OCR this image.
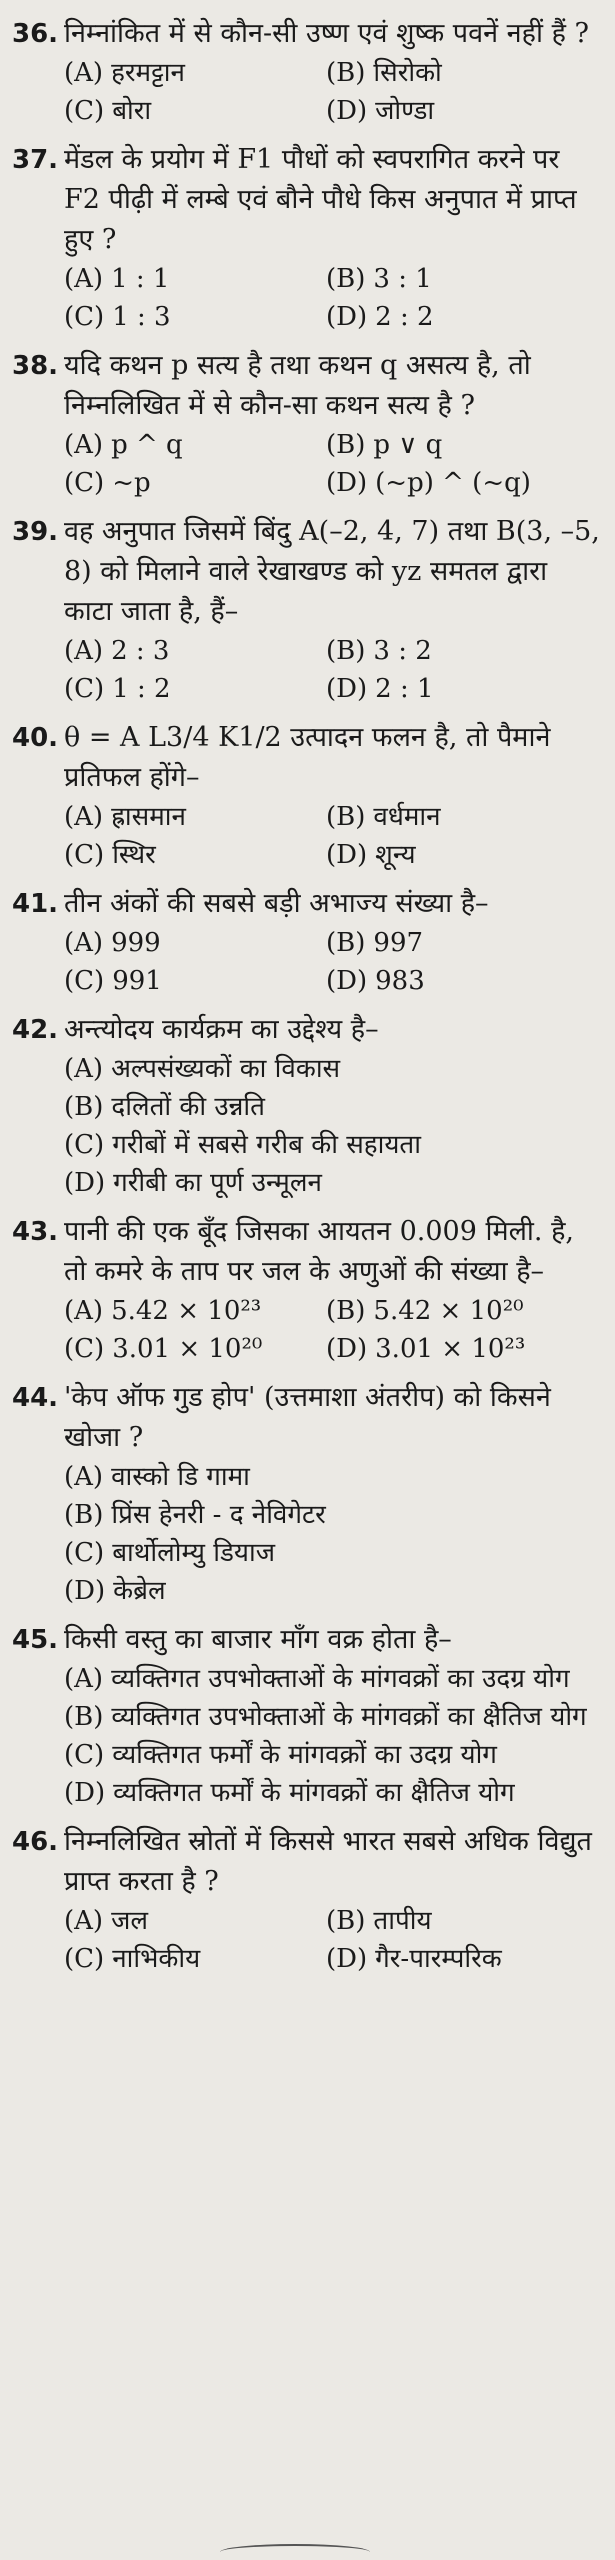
36. निम्नांकित में से कौन-सी उष्ण एवं शुष्क पवनें नहीं हैं ?
(A) हरमट्टान	(B) सिरोको
(C) बोरा	(D) जोण्डा
37. मेंडल के प्रयोग में F1 पौधों को स्वपरागित करने पर F2 पीढ़ी में लम्बे एवं बौने पौधे किस अनुपात में प्राप्त हुए ?
(A) 1 : 1	(B) 3 : 1
(C) 1 : 3	(D) 2 : 2
38. यदि कथन p सत्य है तथा कथन q असत्य है, तो निम्नलिखित में से कौन-सा कथन सत्य है ?
(A) p ^ q	(B) p ∨ q
(C) ~p	(D) (~p) ^ (~q)
39. वह अनुपात जिसमें बिंदु A(–2, 4, 7) तथा B(3, –5, 8) को मिलाने वाले रेखाखण्ड को yz समतल द्वारा काटा जाता है, हैं–
(A) 2 : 3	(B) 3 : 2
(C) 1 : 2	(D) 2 : 1
40. θ = A L3/4 K1/2 उत्पादन फलन है, तो पैमाने प्रतिफल होंगे–
(A) ह्रासमान	(B) वर्धमान
(C) स्थिर	(D) शून्य
41. तीन अंकों की सबसे बड़ी अभाज्य संख्या है–
(A) 999	(B) 997
(C) 991	(D) 983
42. अन्त्योदय कार्यक्रम का उद्देश्य है–
(A) अल्पसंख्यकों का विकास
(B) दलितों की उन्नति
(C) गरीबों में सबसे गरीब की सहायता
(D) गरीबी का पूर्ण उन्मूलन
43. पानी की एक बूँद जिसका आयतन 0.009 मिली. है, तो कमरे के ताप पर जल के अणुओं की संख्या है–
(A) 5.42 × 10²³	(B) 5.42 × 10²⁰
(C) 3.01 × 10²⁰	(D) 3.01 × 10²³
44. 'केप ऑफ गुड होप' (उत्तमाशा अंतरीप) को किसने खोजा ?
(A) वास्को डि गामा
(B) प्रिंस हेनरी - द नेविगेटर
(C) बार्थोलोम्यु डियाज
(D) केब्रेल
45. किसी वस्तु का बाजार माँग वक्र होता है–
(A) व्यक्तिगत उपभोक्ताओं के मांगवक्रों का उदग्र योग
(B) व्यक्तिगत उपभोक्ताओं के मांगवक्रों का क्षैतिज योग
(C) व्यक्तिगत फर्मों के मांगवक्रों का उदग्र योग
(D) व्यक्तिगत फर्मों के मांगवक्रों का क्षैतिज योग
46. निम्नलिखित स्रोतों में किससे भारत सबसे अधिक विद्युत प्राप्त करता है ?
(A) जल	(B) तापीय
(C) नाभिकीय	(D) गैर-पारम्परिक
